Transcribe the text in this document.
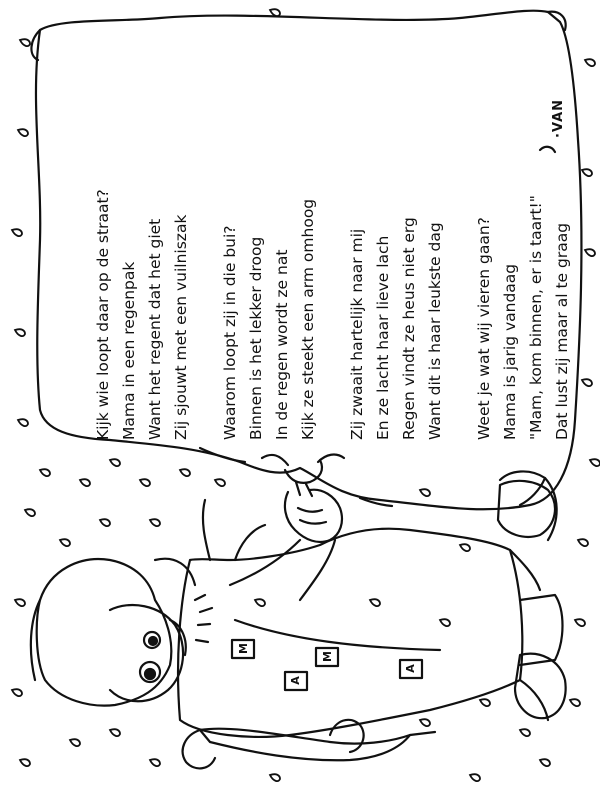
M
A
M
A
Kijk wie loopt daar op de straat? Mama in een regenpak Want het regent dat het giet Zij sjouwt met een vuilniszak Waarom loopt zij in die bui? Binnen is het lekker droog In de regen wordt ze nat Kijk ze steekt een arm omhoog Zij zwaait hartelijk naar mij En ze lacht haar lieve lach Regen vindt ze heus niet erg Want dit is haar leukste dag Weet je wat wij vieren gaan? Mama is jarig vandaag "Mam, kom binnen, er is taart!" Dat lust zij maar al te graag
·VAN
